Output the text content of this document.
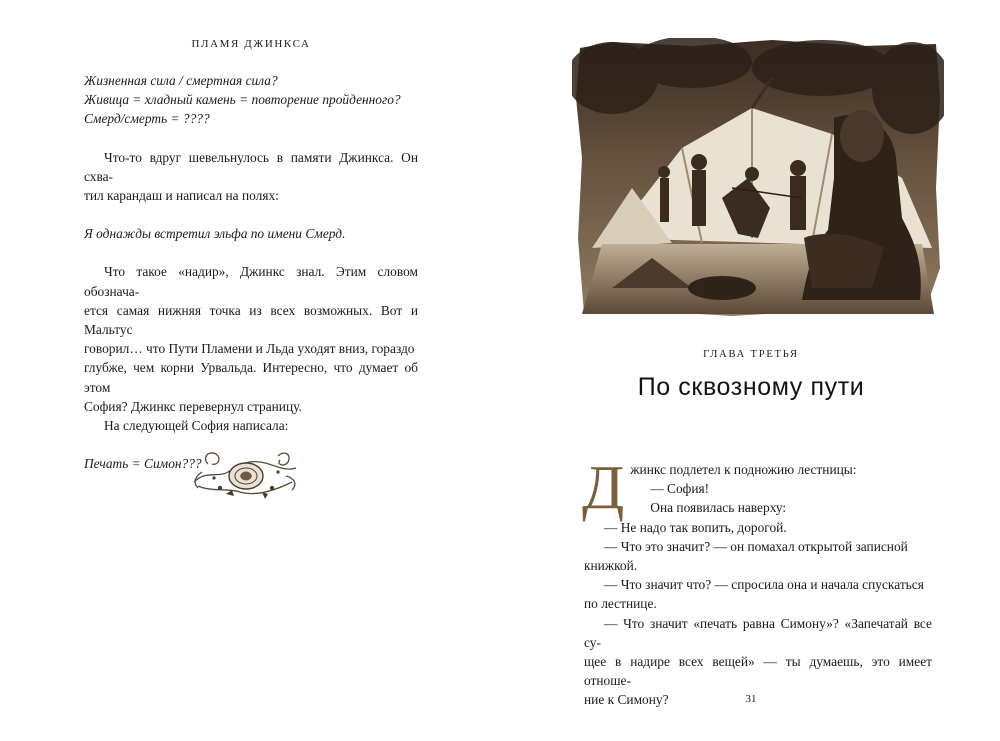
ПЛАМЯ ДЖИНКСА

Жизненная сила / смертная сила?

Живица = хладный камень = повторение пройденного?

Смерд/смерть = ????

Что-то вдруг шевельнулось в памяти Джинкса. Он схва-

тил карандаш и написал на полях:

Я однажды встретил эльфа по имени Смерд.

Что такое «надир», Джинкс знал. Этим словом обознача-

ется самая нижняя точка из всех возможных. Вот и Мальтус

говорил… что Пути Пламени и Льда уходят вниз, гораздо

глубже, чем корни Урвальда. Интересно, что думает об этом

София? Джинкс перевернул страницу.

На следующей София написала:

Печать = Симон???

ГЛАВА ТРЕТЬЯ
По сквозному пути
Д жинкс подлетел к подножию лестницы:

— София!

Она появилась наверху:

— Не надо так вопить, дорогой.

— Что это значит? — он помахал открытой записной

книжкой.

— Что значит что? — спросила она и начала спускаться

по лестнице.

— Что значит «печать равна Симону»? «Запечатай все су-

щее в надире всех вещей» — ты думаешь, это имеет отноше-

ние к Симону?	31
